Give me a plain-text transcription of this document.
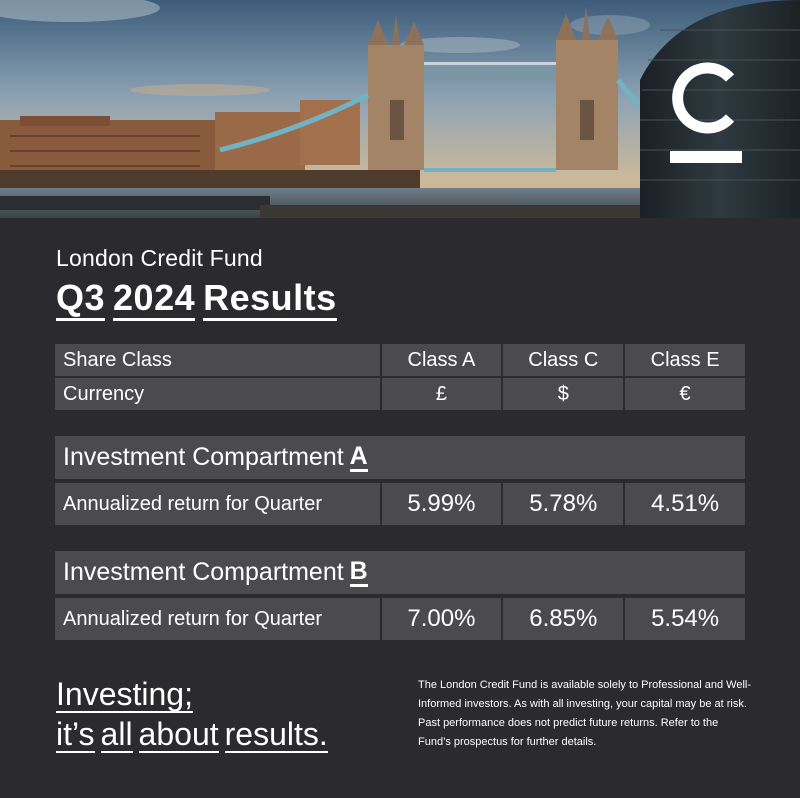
London Credit Fund
Q3 2024 Results
Share Class	Class A	Class C	Class E
Currency	£	$	€
Investment Compartment A
Annualized return for Quarter	5.99%	5.78%	4.51%
Investment Compartment B
Annualized return for Quarter	7.00%	6.85%	5.54%
Investing;
it’s all about results.
The London Credit Fund is available solely to Professional and Well-Informed investors. As with all investing, your capital may be at risk. Past performance does not predict future returns. Refer to the Fund’s prospectus for further details.
